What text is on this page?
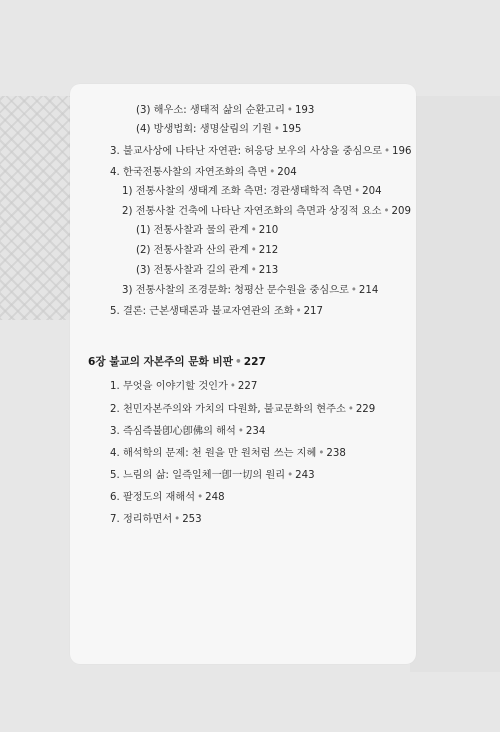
(3) 해우소: 생태적 삶의 순환고리 • 193
(4) 방생법회: 생명살림의 기원 • 195
3. 불교사상에 나타난 자연관: 허응당 보우의 사상을 중심으로 • 196
4. 한국전통사찰의 자연조화의 측면 • 204
1) 전통사찰의 생태계 조화 측면: 경관생태학적 측면 • 204
2) 전통사찰 건축에 나타난 자연조화의 측면과 상징적 요소 • 209
(1) 전통사찰과 물의 관계 • 210
(2) 전통사찰과 산의 관계 • 212
(3) 전통사찰과 길의 관계 • 213
3) 전통사찰의 조경문화: 청평산 문수원을 중심으로 • 214
5. 결론: 근본생태론과 불교자연관의 조화 • 217
6장 불교의 자본주의 문화 비판 • 227
1. 무엇을 이야기할 것인가 • 227
2. 천민자본주의와 가치의 다원화, 불교문화의 현주소 • 229
3. 즉심즉불卽心卽佛의 해석 • 234
4. 해석학의 문제: 천 원을 만 원처럼 쓰는 지혜 • 238
5. 느림의 삶: 일즉일체一卽一切의 원리 • 243
6. 팔정도의 재해석 • 248
7. 정리하면서 • 253
